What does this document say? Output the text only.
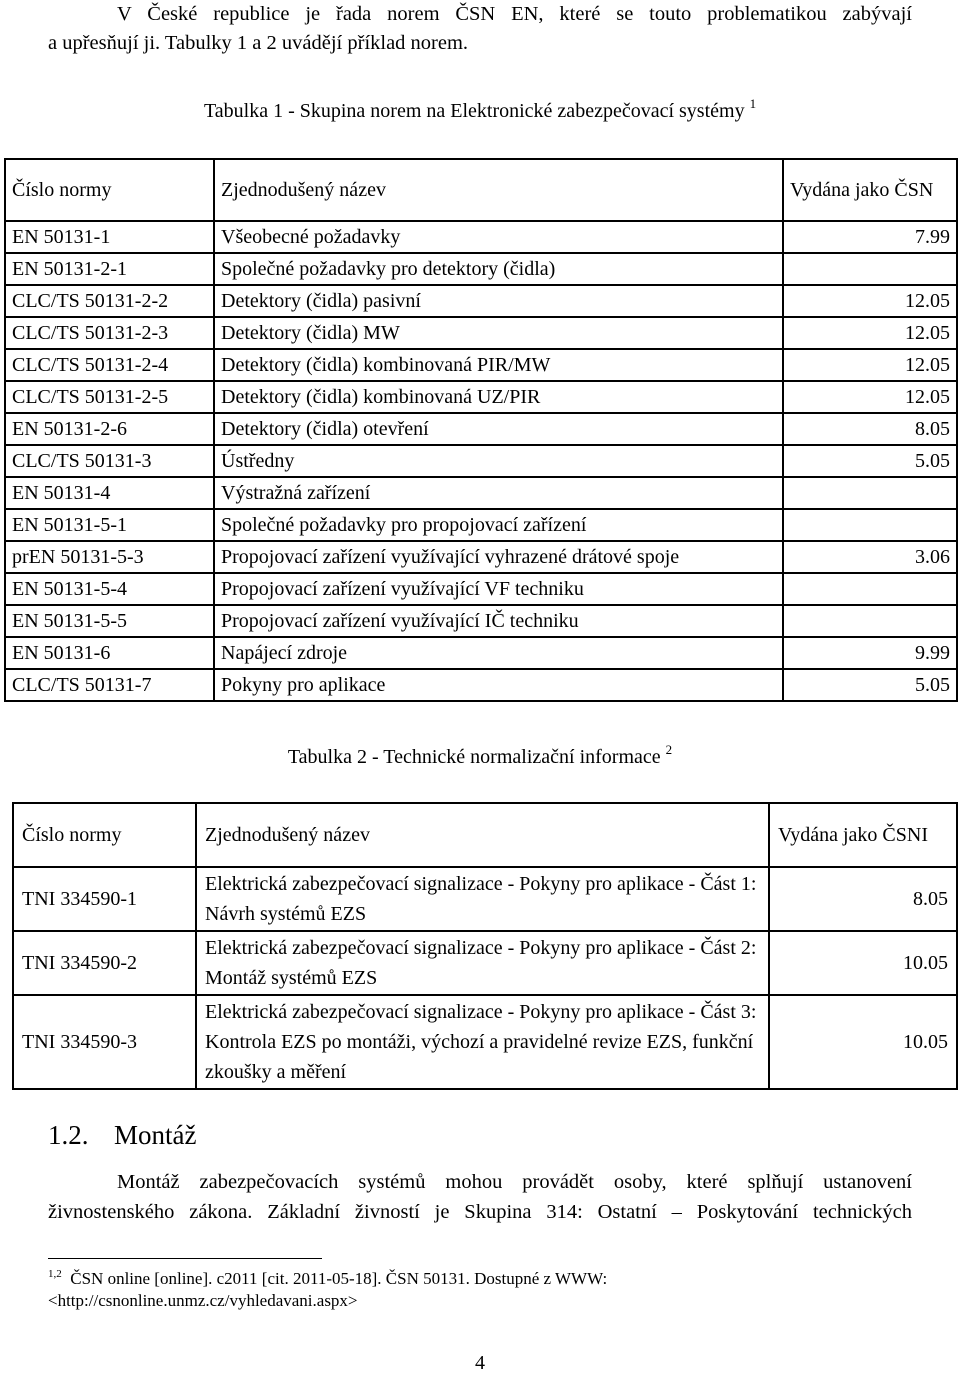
V České republice je řada norem ČSN EN, které se touto problematikou zabývají
a upřesňují ji. Tabulky 1 a 2 uvádějí příklad norem.
Tabulka 1 - Skupina norem na Elektronické zabezpečovací systémy $^1$
Číslo normy	Zjednodušený název	Vydána jako ČSN
EN 50131-1	Všeobecné požadavky	7.99
EN 50131-2-1	Společné požadavky pro detektory (čidla)	
CLC/TS 50131-2-2	Detektory (čidla) pasivní	12.05
CLC/TS 50131-2-3	Detektory (čidla) MW	12.05
CLC/TS 50131-2-4	Detektory (čidla) kombinovaná PIR/MW	12.05
CLC/TS 50131-2-5	Detektory (čidla) kombinovaná UZ/PIR	12.05
EN 50131-2-6	Detektory (čidla) otevření	8.05
CLC/TS 50131-3	Ústředny	5.05
EN 50131-4	Výstražná zařízení	
EN 50131-5-1	Společné požadavky pro propojovací zařízení	
prEN 50131-5-3	Propojovací zařízení využívající vyhrazené drátové spoje	3.06
EN 50131-5-4	Propojovací zařízení využívající VF techniku	
EN 50131-5-5	Propojovací zařízení využívající IČ techniku	
EN 50131-6	Napájecí zdroje	9.99
CLC/TS 50131-7	Pokyny pro aplikace	5.05
Tabulka 2 - Technické normalizační informace $^2$
Číslo normy	Zjednodušený název	Vydána jako ČSNI
TNI 334590-1	Elektrická zabezpečovací signalizace - Pokyny pro aplikace - Část 1: Návrh systémů EZS	8.05
TNI 334590-2	Elektrická zabezpečovací signalizace - Pokyny pro aplikace - Část 2: Montáž systémů EZS	10.05
TNI 334590-3	Elektrická zabezpečovací signalizace - Pokyny pro aplikace - Část 3: Kontrola EZS po montáži, výchozí a pravidelné revize EZS, funkční zkoušky a měření	10.05
1.2. Montáž
Montáž zabezpečovacích systémů mohou provádět osoby, které splňují ustanovení
živnostenského zákona. Základní živností je Skupina 314: Ostatní – Poskytování technických
$^{1,2}$ ČSN online [online]. c2011 [cit. 2011-05-18]. ČSN 50131. Dostupné z WWW:
<http://csnonline.unmz.cz/vyhledavani.aspx>
4
